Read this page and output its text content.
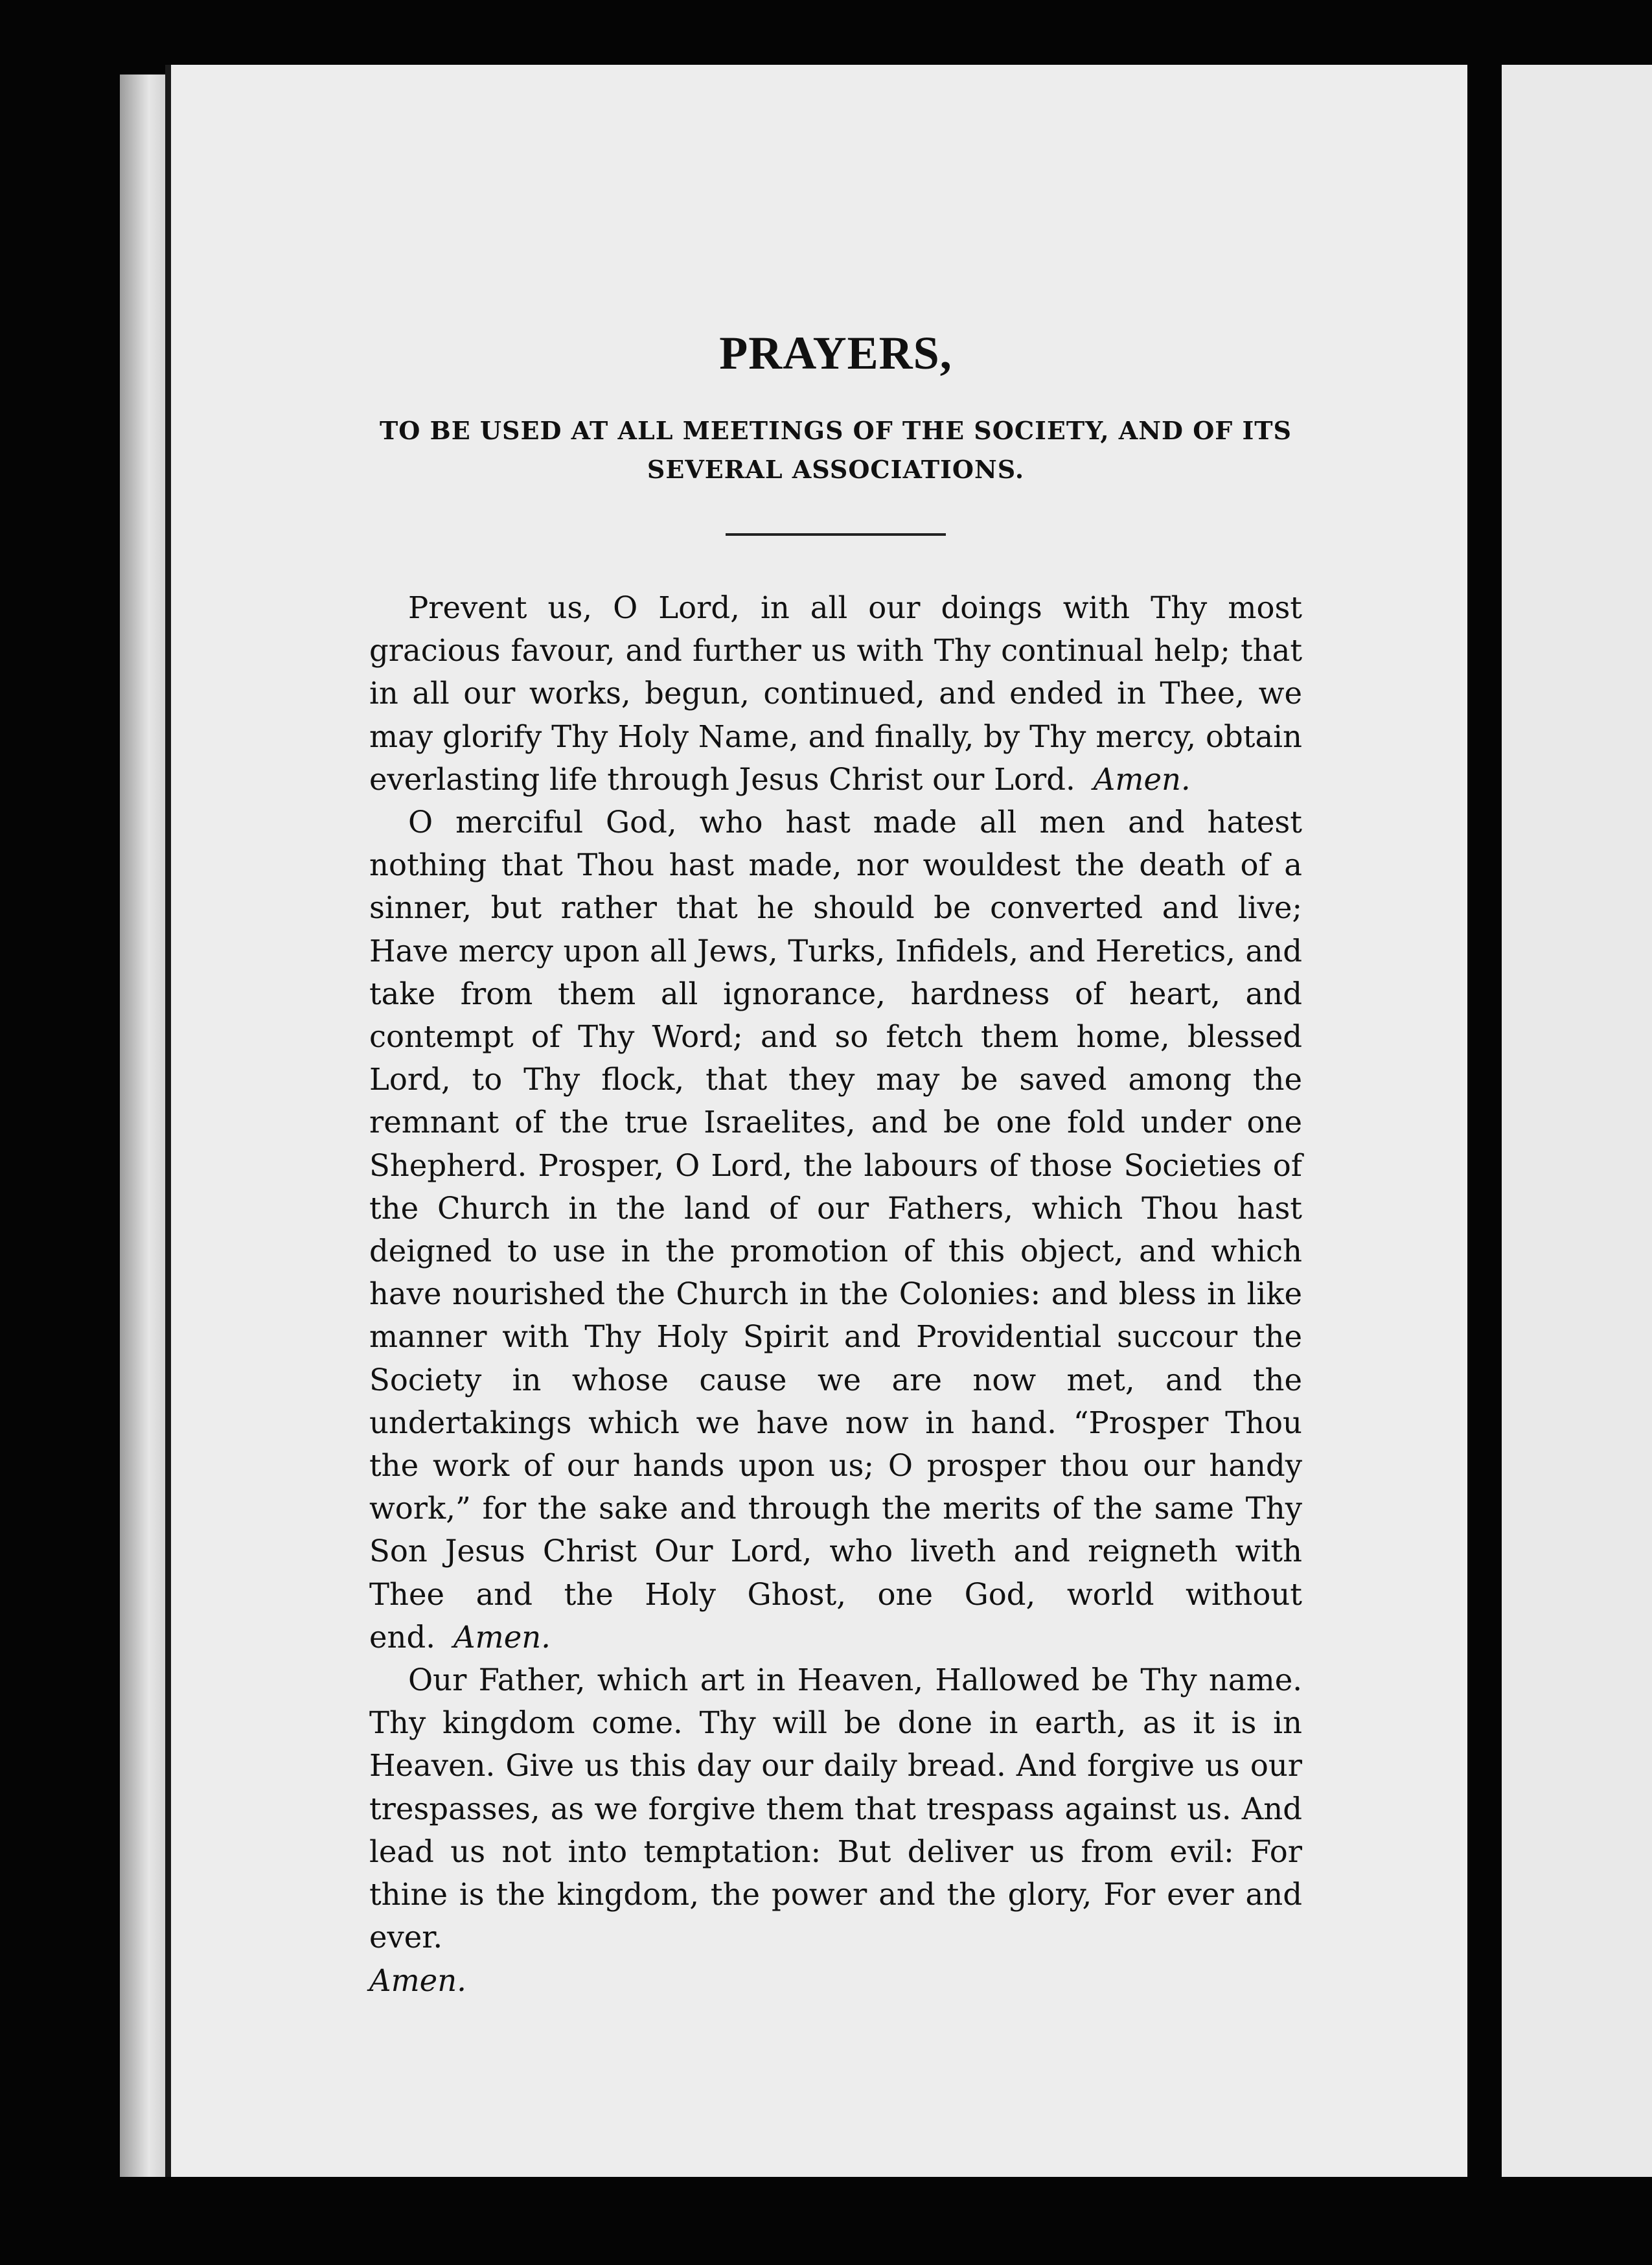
PRAYERS,
TO BE USED AT ALL MEETINGS OF THE SOCIETY, AND OF ITS SEVERAL ASSOCIATIONS.

Prevent us, O Lord, in all our doings with Thy most gracious favour, and further us with Thy continual help; that in all our works, begun, continued, and ended in Thee, we may glorify Thy Holy Name, and finally, by Thy mercy, obtain everlasting life through Jesus Christ our Lord. Amen.

O merciful God, who hast made all men and hatest nothing that Thou hast made, nor wouldest the death of a sinner, but rather that he should be converted and live; Have mercy upon all Jews, Turks, Infidels, and Heretics, and take from them all ignorance, hardness of heart, and contempt of Thy Word; and so fetch them home, blessed Lord, to Thy flock, that they may be saved among the remnant of the true Israelites, and be one fold under one Shepherd. Prosper, O Lord, the labours of those Societies of the Church in the land of our Fathers, which Thou hast deigned to use in the promotion of this object, and which have nourished the Church in the Colonies: and bless in like manner with Thy Holy Spirit and Providential succour the Society in whose cause we are now met, and the undertakings which we have now in hand. “Prosper Thou the work of our hands upon us; O prosper thou our handy work,” for the sake and through the merits of the same Thy Son Jesus Christ Our Lord, who liveth and reigneth with Thee and the Holy Ghost, one God, world without end. Amen.

Our Father, which art in Heaven, Hallowed be Thy name. Thy kingdom come. Thy will be done in earth, as it is in Heaven. Give us this day our daily bread. And forgive us our trespasses, as we forgive them that trespass against us. And lead us not into temptation: But deliver us from evil: For thine is the kingdom, the power and the glory, For ever and ever.
Amen.
